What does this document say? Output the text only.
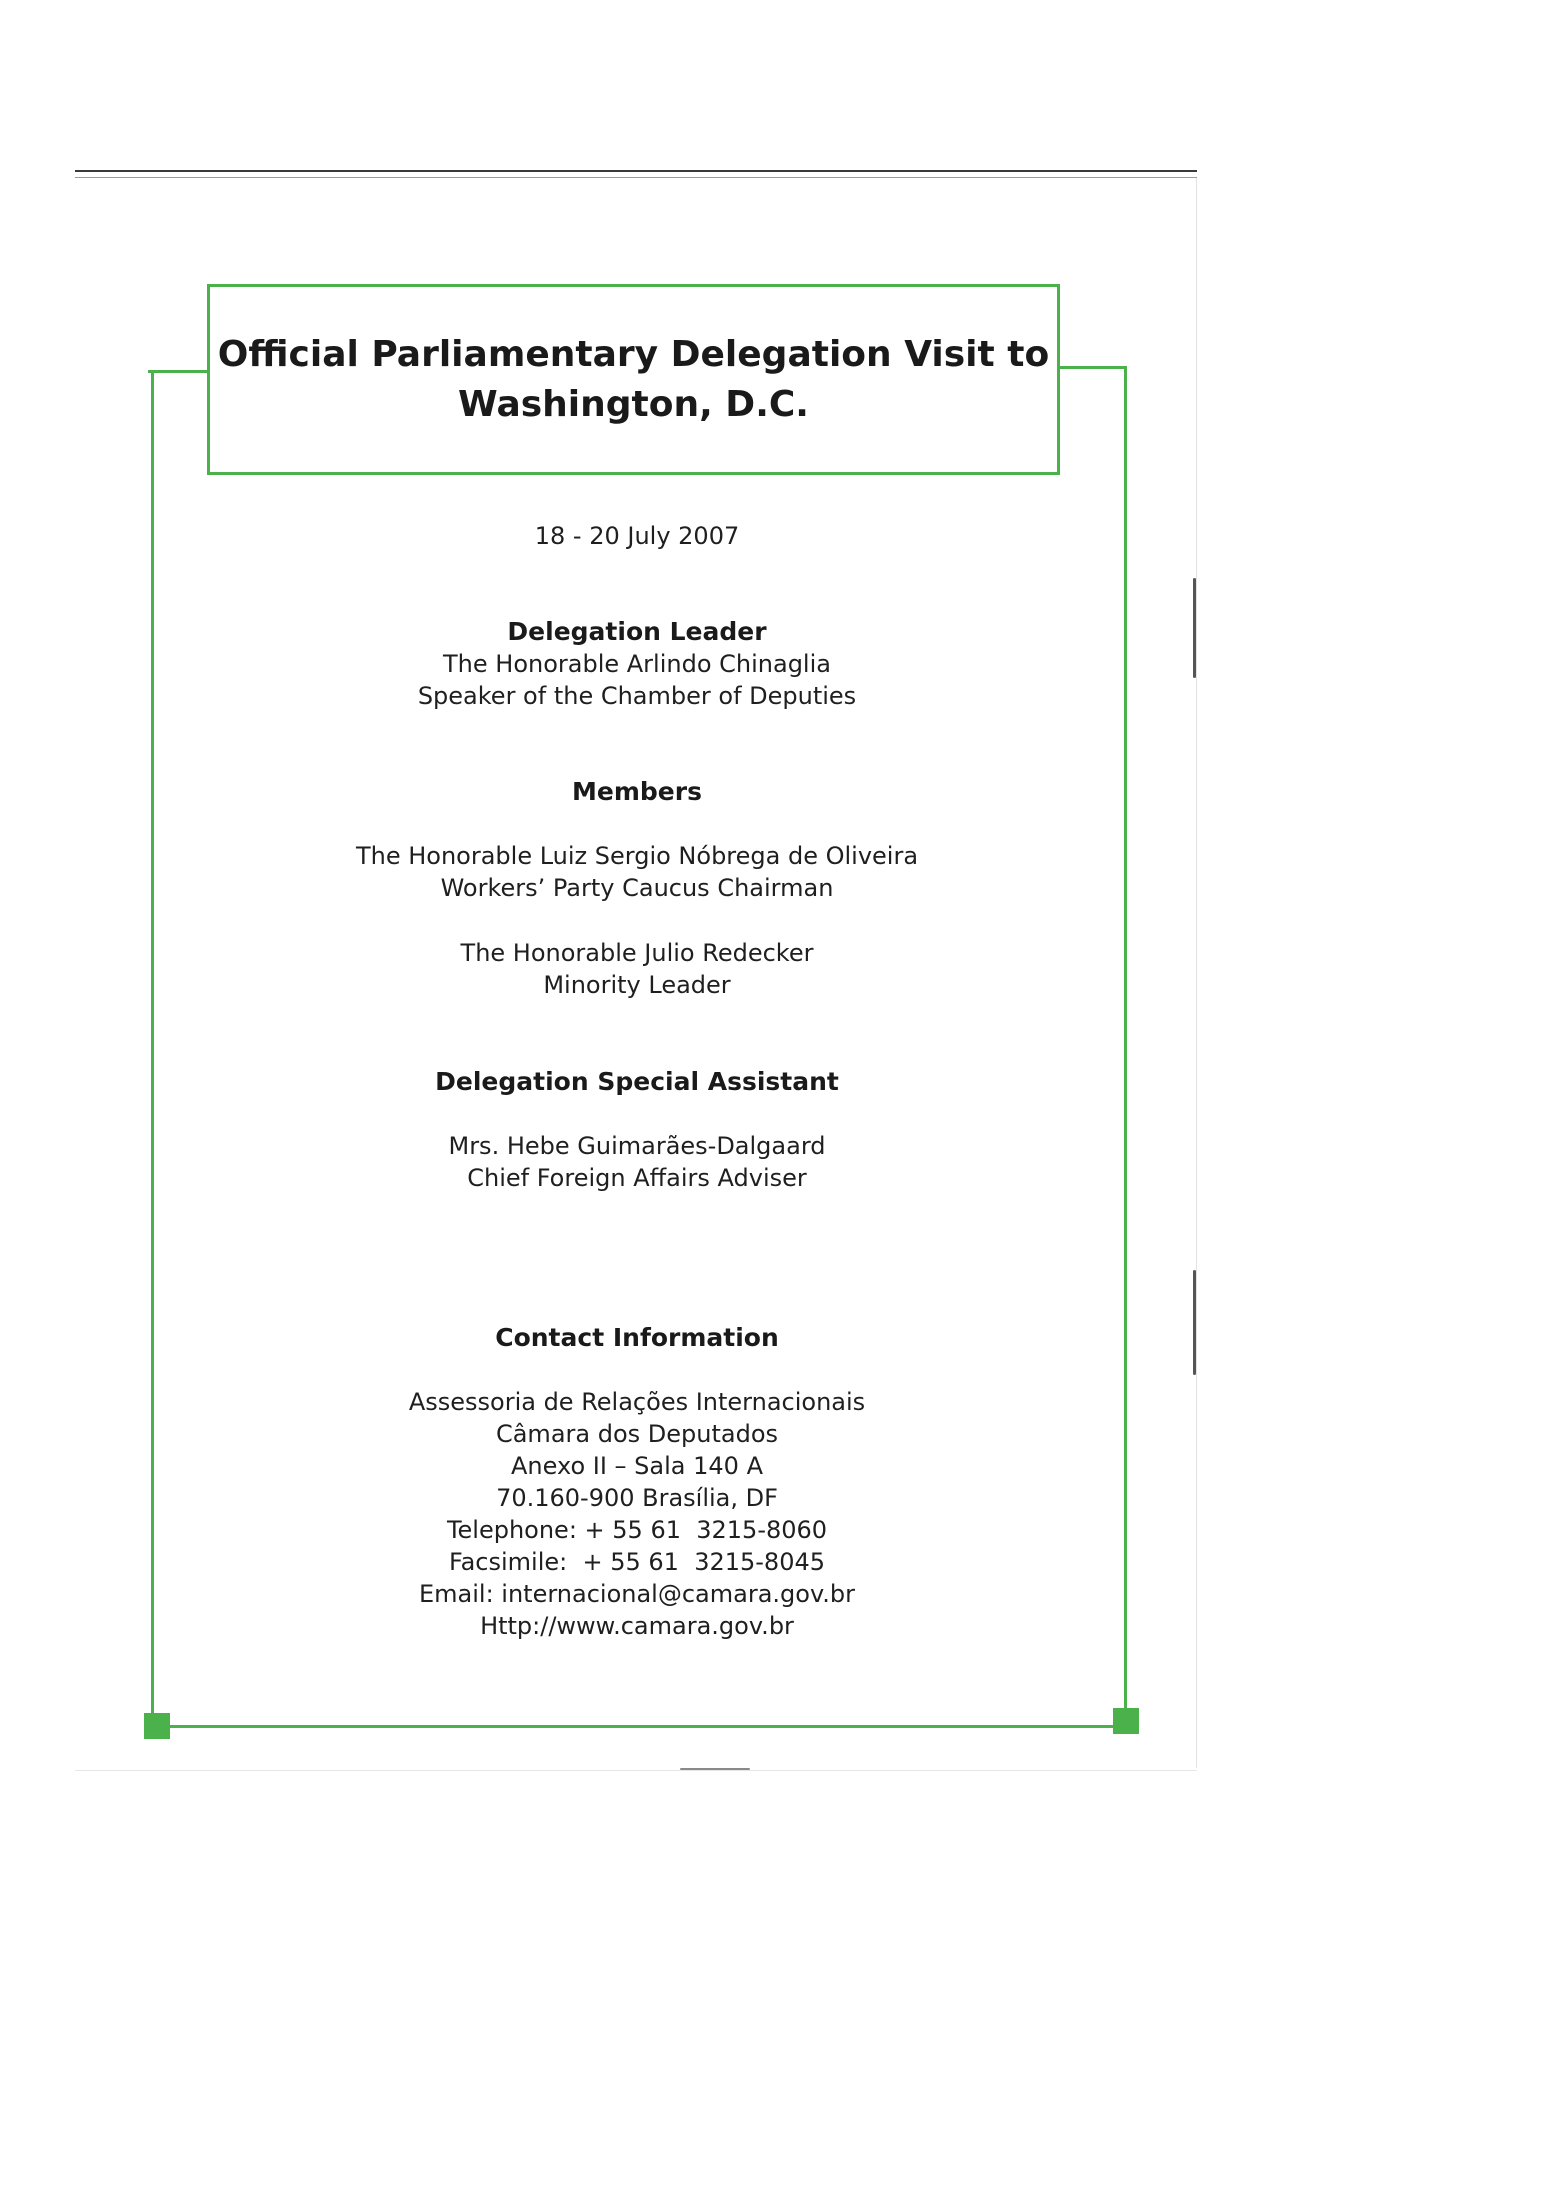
Official Parliamentary Delegation Visit to
Washington, D.C.
18 - 20 July 2007
Delegation Leader
The Honorable Arlindo Chinaglia
Speaker of the Chamber of Deputies
Members
The Honorable Luiz Sergio Nóbrega de Oliveira
Workers’ Party Caucus Chairman
The Honorable Julio Redecker
Minority Leader
Delegation Special Assistant
Mrs. Hebe Guimarães-Dalgaard
Chief Foreign Affairs Adviser
Contact Information
Assessoria de Relações Internacionais
Câmara dos Deputados
Anexo II – Sala 140 A
70.160-900 Brasília, DF
Telephone: + 55 61  3215-8060
Facsimile:  + 55 61  3215-8045
Email: internacional@camara.gov.br
Http://www.camara.gov.br
